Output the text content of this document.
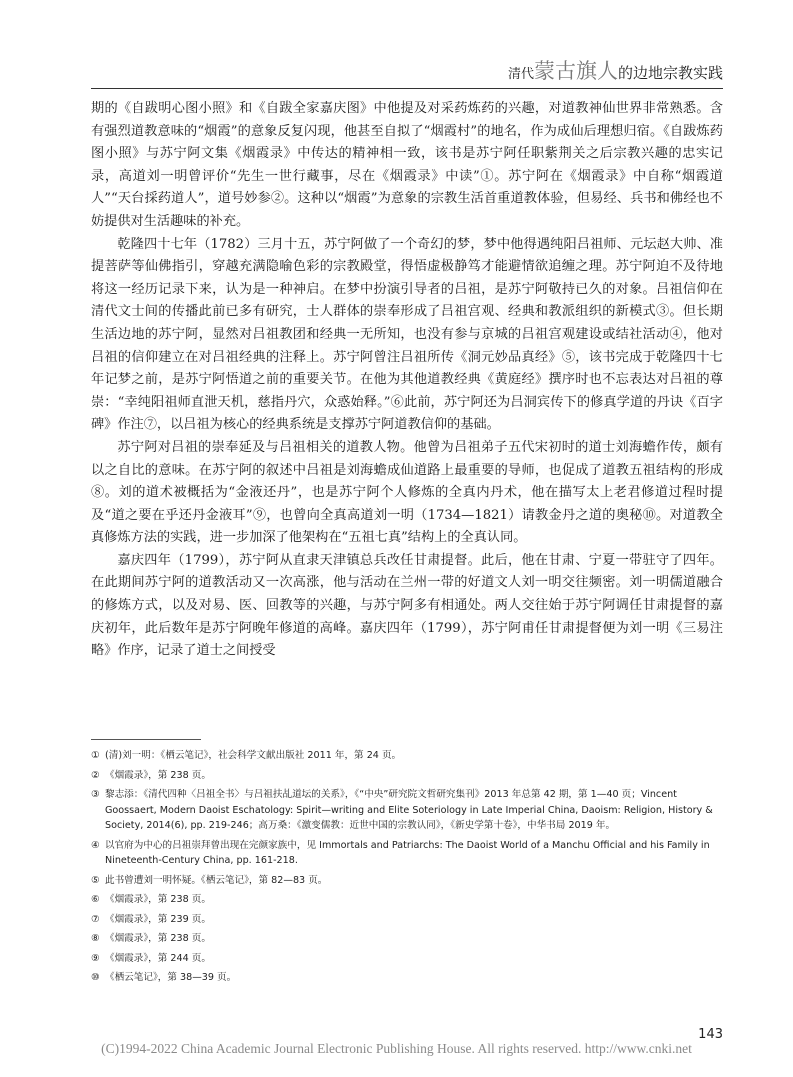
清代蒙古旗人的边地宗教实践

期的《自跋明心图小照》和《自跋全家嘉庆图》中他提及对采药炼药的兴趣，对道教神仙世界非常熟悉。含有强烈道教意味的“烟霞”的意象反复闪现，他甚至自拟了“烟霞村”的地名，作为成仙后理想归宿。《自跋炼药图小照》与苏宁阿文集《烟霞录》中传达的精神相一致，该书是苏宁阿任职紫荆关之后宗教兴趣的忠实记录，高道刘一明曾评价“先生一世行藏事，尽在《烟霞录》中读”①。苏宁阿在《烟霞录》中自称“烟霞道人”“天台採药道人”，道号妙参②。这种以“烟霞”为意象的宗教生活首重道教体验，但易经、兵书和佛经也不妨提供对生活趣味的补充。

乾隆四十七年（1782）三月十五，苏宁阿做了一个奇幻的梦，梦中他得遇纯阳吕祖师、元坛赵大帅、准提菩萨等仙佛指引，穿越充满隐喻色彩的宗教殿堂，得悟虚极静笃才能避情欲追缠之理。苏宁阿迫不及待地将这一经历记录下来，认为是一种神启。在梦中扮演引导者的吕祖，是苏宁阿敬持已久的对象。吕祖信仰在清代文士间的传播此前已多有研究，士人群体的崇奉形成了吕祖宫观、经典和教派组织的新模式③。但长期生活边地的苏宁阿，显然对吕祖教团和经典一无所知，也没有参与京城的吕祖宫观建设或结社活动④，他对吕祖的信仰建立在对吕祖经典的注释上。苏宁阿曾注吕祖所传《洞元妙品真经》⑤，该书完成于乾隆四十七年记梦之前，是苏宁阿悟道之前的重要关节。在他为其他道教经典《黄庭经》撰序时也不忘表达对吕祖的尊崇：“幸纯阳祖师直泄天机，慈指丹穴，众惑始释。”⑥此前，苏宁阿还为吕洞宾传下的修真学道的丹诀《百字碑》作注⑦，以吕祖为核心的经典系统是支撑苏宁阿道教信仰的基础。

苏宁阿对吕祖的崇奉延及与吕祖相关的道教人物。他曾为吕祖弟子五代宋初时的道士刘海蟾作传，颇有以之自比的意味。在苏宁阿的叙述中吕祖是刘海蟾成仙道路上最重要的导师，也促成了道教五祖结构的形成⑧。刘的道术被概括为“金液还丹”，也是苏宁阿个人修炼的全真内丹术，他在描写太上老君修道过程时提及“道之要在乎还丹金液耳”⑨，也曾向全真高道刘一明（1734—1821）请教金丹之道的奥秘⑩。对道教全真修炼方法的实践，进一步加深了他架构在“五祖七真”结构上的全真认同。

嘉庆四年（1799），苏宁阿从直隶天津镇总兵改任甘肃提督。此后，他在甘肃、宁夏一带驻守了四年。在此期间苏宁阿的道教活动又一次高涨，他与活动在兰州一带的好道文人刘一明交往频密。刘一明儒道融合的修炼方式，以及对易、医、回教等的兴趣，与苏宁阿多有相通处。两人交往始于苏宁阿调任甘肃提督的嘉庆初年，此后数年是苏宁阿晚年修道的高峰。嘉庆四年（1799），苏宁阿甫任甘肃提督便为刘一明《三易注略》作序，记录了道士之间授受

① (清)刘一明：《栖云笔记》，社会科学文献出版社 2011 年，第 24 页。
② 《烟霞录》，第 238 页。
③ 黎志添：《清代四种〈吕祖全书〉与吕祖扶乩道坛的关系》，《“中央”研究院文哲研究集刊》2013 年总第 42 期，第 1—40 页；Vincent Goossaert, Modern Daoist Eschatology: Spirit—writing and Elite Soteriology in Late Imperial China, Daoism: Religion, History & Society, 2014(6), pp. 219-246；高万桑：《激变儒教：近世中国的宗教认同》，《新史学第十卷》，中华书局 2019 年。
④ 以官府为中心的吕祖崇拜曾出现在完颜家族中，见 Immortals and Patriarchs: The Daoist World of a Manchu Official and his Family in Nineteenth-Century China, pp. 161-218.
⑤ 此书曾遭刘一明怀疑。《栖云笔记》，第 82—83 页。
⑥ 《烟霞录》，第 238 页。
⑦ 《烟霞录》，第 239 页。
⑧ 《烟霞录》，第 238 页。
⑨ 《烟霞录》，第 244 页。
⑩ 《栖云笔记》，第 38—39 页。
143
(C)1994-2022 China Academic Journal Electronic Publishing House. All rights reserved. http://www.cnki.net
